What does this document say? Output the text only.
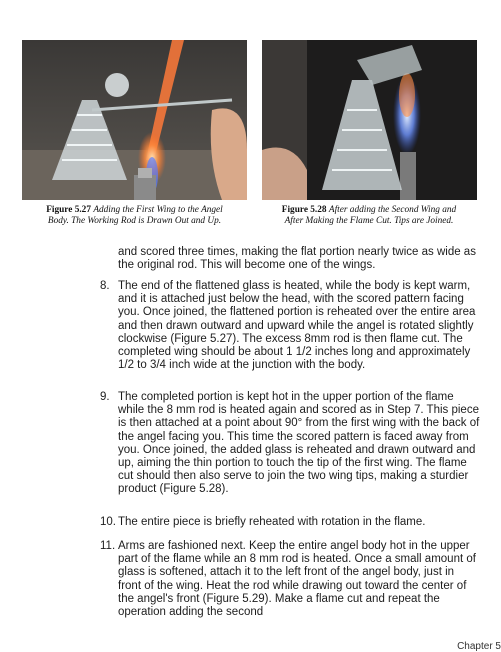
Figure 5.27 Adding the First Wing to the Angel
Body. The Working Rod is Drawn Out and Up.
Figure 5.28 After adding the Second Wing and
After Making the Flame Cut. Tips are Joined.
and scored three times, making the flat portion nearly twice as wide as the original rod. This will become one of the wings.
8. The end of the flattened glass is heated, while the body is kept warm, and it is attached just below the head, with the scored pattern facing you. Once joined, the flattened portion is reheated over the entire area and then drawn outward and upward while the angel is rotated slightly clockwise (Figure 5.27). The excess 8mm rod is then flame cut. The completed wing should be about 1 1/2 inches long and approximately 1/2 to 3/4 inch wide at the junction with the body.
9. The completed portion is kept hot in the upper portion of the flame while the 8 mm rod is heated again and scored as in Step 7. This piece is then attached at a point about 90° from the first wing with the back of the angel facing you. This time the scored pattern is faced away from you. Once joined, the added glass is reheated and drawn outward and up, aiming the thin portion to touch the tip of the first wing. The flame cut should then also serve to join the two wing tips, making a sturdier product (Figure 5.28).
10. The entire piece is briefly reheated with rotation in the flame.
11. Arms are fashioned next. Keep the entire angel body hot in the upper part of the flame while an 8 mm rod is heated. Once a small amount of glass is softened, attach it to the left front of the angel body, just in front of the wing. Heat the rod while drawing out toward the center of the angel's front (Figure 5.29). Make a flame cut and repeat the operation adding the second
Chapter 5
